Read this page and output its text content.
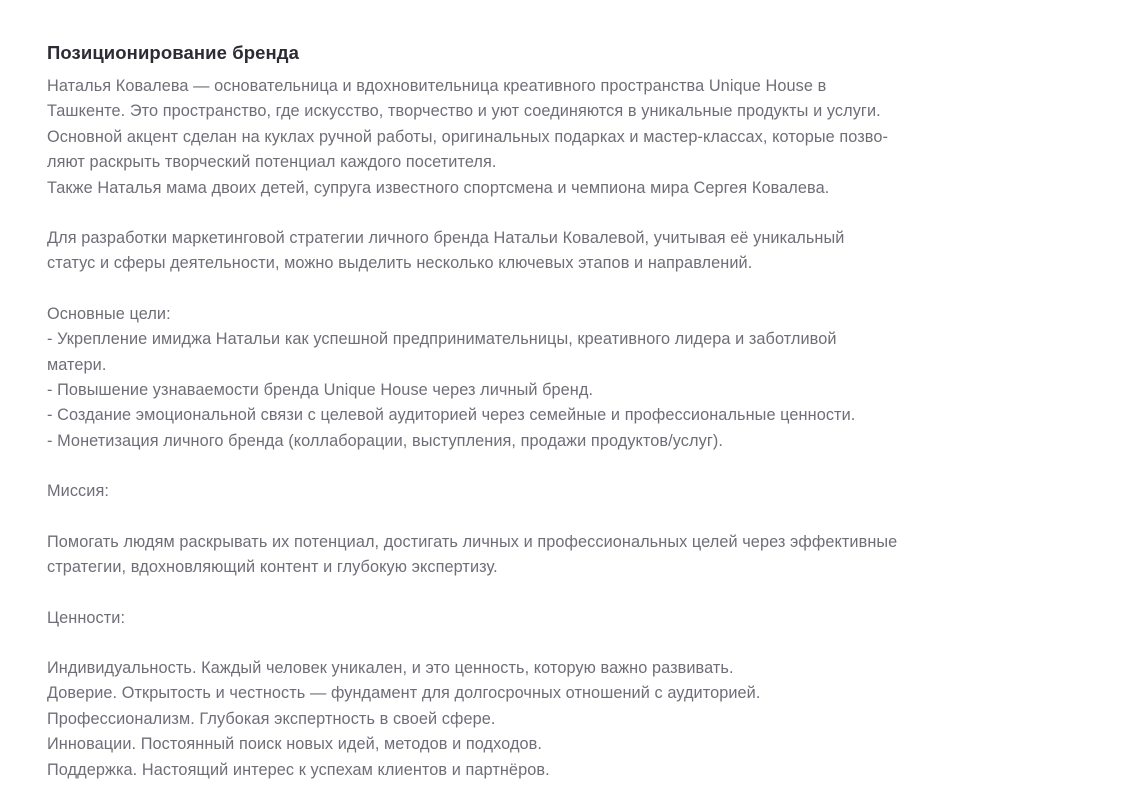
Позиционирование бренда

Наталья Ковалева — основательница и вдохновительница креативного пространства Unique House в

Ташкенте. Это пространство, где искусство, творчество и уют соединяются в уникальные продукты и услуги.

Основной акцент сделан на куклах ручной работы, оригинальных подарках и мастер-классах, которые позво-

ляют раскрыть творческий потенциал каждого посетителя.

Также Наталья мама двоих детей, супруга известного спортсмена и чемпиона мира Сергея Ковалева.

Для разработки маркетинговой стратегии личного бренда Натальи Ковалевой, учитывая её уникальный

статус и сферы деятельности, можно выделить несколько ключевых этапов и направлений.

Основные цели:

- Укрепление имиджа Натальи как успешной предпринимательницы, креативного лидера и заботливой

матери.

- Повышение узнаваемости бренда Unique House через личный бренд.

- Создание эмоциональной связи с целевой аудиторией через семейные и профессиональные ценности.

- Монетизация личного бренда (коллаборации, выступления, продажи продуктов/услуг).

Миссия:

Помогать людям раскрывать их потенциал, достигать личных и профессиональных целей через эффективные

стратегии, вдохновляющий контент и глубокую экспертизу.

Ценности:

Индивидуальность. Каждый человек уникален, и это ценность, которую важно развивать.

Доверие. Открытость и честность — фундамент для долгосрочных отношений с аудиторией.

Профессионализм. Глубокая экспертность в своей сфере.

Инновации. Постоянный поиск новых идей, методов и подходов.

Поддержка. Настоящий интерес к успехам клиентов и партнёров.
